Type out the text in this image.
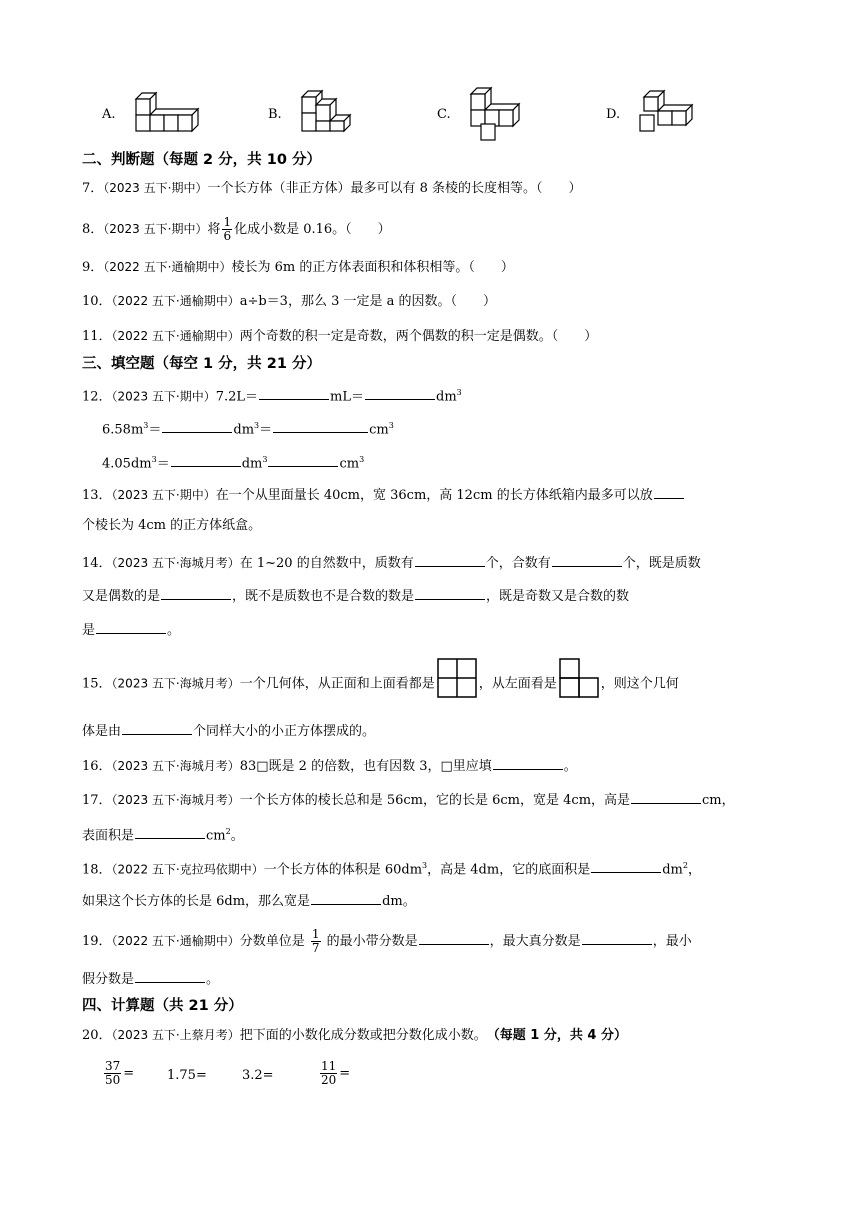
A.	B.	C.	D.
二、判断题（每题 2 分，共 10 分）
7．（2023 五下·期中）一个长方体（非正方体）最多可以有 8 条棱的长度相等。（　　）
8．（2023 五下·期中）将 $\frac{1}{6}$ 化成小数是 0.16。（　　）
9．（2022 五下·通榆期中）棱长为 6m 的正方体表面积和体积相等。（　　）
10．（2022 五下·通榆期中）a÷b＝3，那么 3 一定是 a 的因数。（　　）
11．（2022 五下·通榆期中）两个奇数的积一定是奇数，两个偶数的积一定是偶数。（　　）
三、填空题（每空 1 分，共 21 分）
12．（2023 五下·期中）7.2L＝	mL＝	$dm^3$
$6.58m^3=$	$dm^3=$	$cm^3$
$4.05dm^3=$	$dm^3$	$cm^3$
13．（2023 五下·期中）在一个从里面量长 40cm，宽 36cm，高 12cm 的长方体纸箱内最多可以放
个棱长为 4cm 的正方体纸盒。
14．（2023 五下·海城月考）在 1~20 的自然数中，质数有	个，合数有	个，既是质数
又是偶数的是	，既不是质数也不是合数的数是	，既是奇数又是合数的数
是	。
15．（2023 五下·海城月考）一个几何体，从正面和上面看都是	，从左面看是	，则这个几何
体是由	个同样大小的小正方体摆成的。
16．（2023 五下·海城月考）83□既是 2 的倍数，也有因数 3，□里应填	。
17．（2023 五下·海城月考）一个长方体的棱长总和是 56cm，它的长是 6cm，宽是 4cm，高是	cm，
表面积是	$cm^2$。
18．（2022 五下·克拉玛依期中）一个长方体的体积是 $60dm^3$，高是 4dm，它的底面积是	$dm^2$，
如果这个长方体的长是 6dm，那么宽是	dm。
19．（2022 五下·通榆期中）分数单位是 $\frac{1}{7}$ 的最小带分数是	，最大真分数是	，最小
假分数是	。
四、计算题（共 21 分）
20．（2023 五下·上蔡月考）把下面的小数化成分数或把分数化成小数。　 （每题 1 分，共 4 分）
$\frac{37}{50}$ =	1.75=	3.2=	$\frac{11}{20}$ =
